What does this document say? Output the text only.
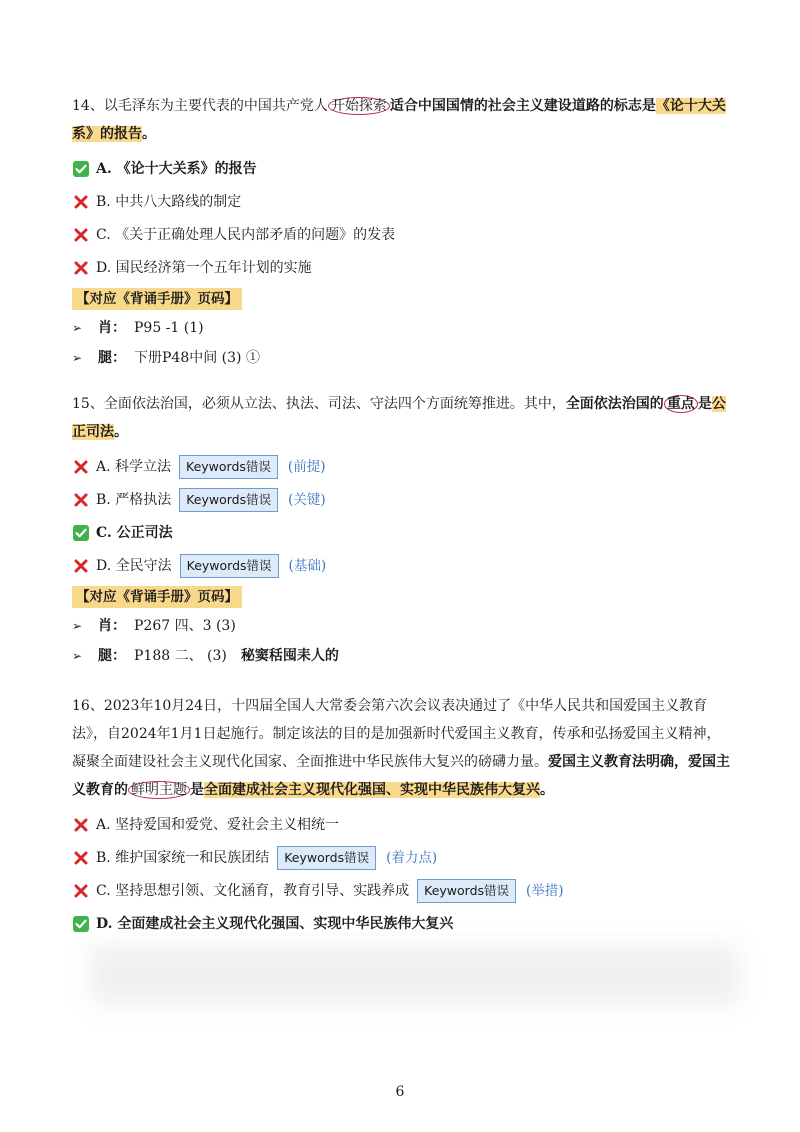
14、以毛泽东为主要代表的中国共产党人 开始探索 适合中国国情的社会主义建设道路的标志是《论十大关系》的报告。

A. 《论十大关系》的报告
B. 中共八大路线的制定
C. 《关于正确处理人民内部矛盾的问题》的发表
D. 国民经济第一个五年计划的实施
【对应《背诵手册》页码】
➢	肖： P95 -1 (1)
➢	腿： 下册P48中间 (3) ①

15、全面依法治国，必须从立法、执法、司法、守法四个方面统筹推进。其中，全面依法治国的 重点 是公正司法。

A. 科学立法	Keywords错误	(前提)
B. 严格执法	Keywords错误	(关键)
C. 公正司法
D. 全民守法	Keywords错误	(基础)
【对应《背诵手册》页码】
➢	肖： P267 四、3 (3)
➢	腿： P188 二、 (3) 秘窦秳囤耒人的

16、2023年10月24日，十四届全国人大常委会第六次会议表决通过了《中华人民共和国爱国主义教育法》，自2024年1月1日起施行。制定该法的目的是加强新时代爱国主义教育，传承和弘扬爱国主义精神，凝聚全面建设社会主义现代化国家、全面推进中华民族伟大复兴的磅礴力量。爱国主义教育法明确，爱国主义教育的 鲜明主题 是全面建成社会主义现代化强国、实现中华民族伟大复兴。

A. 坚持爱国和爱党、爱社会主义相统一
B. 维护国家统一和民族团结	Keywords错误	(着力点)
C. 坚持思想引领、文化涵育，教育引导、实践养成	Keywords错误	(举措)
D. 全面建成社会主义现代化强国、实现中华民族伟大复兴
6
